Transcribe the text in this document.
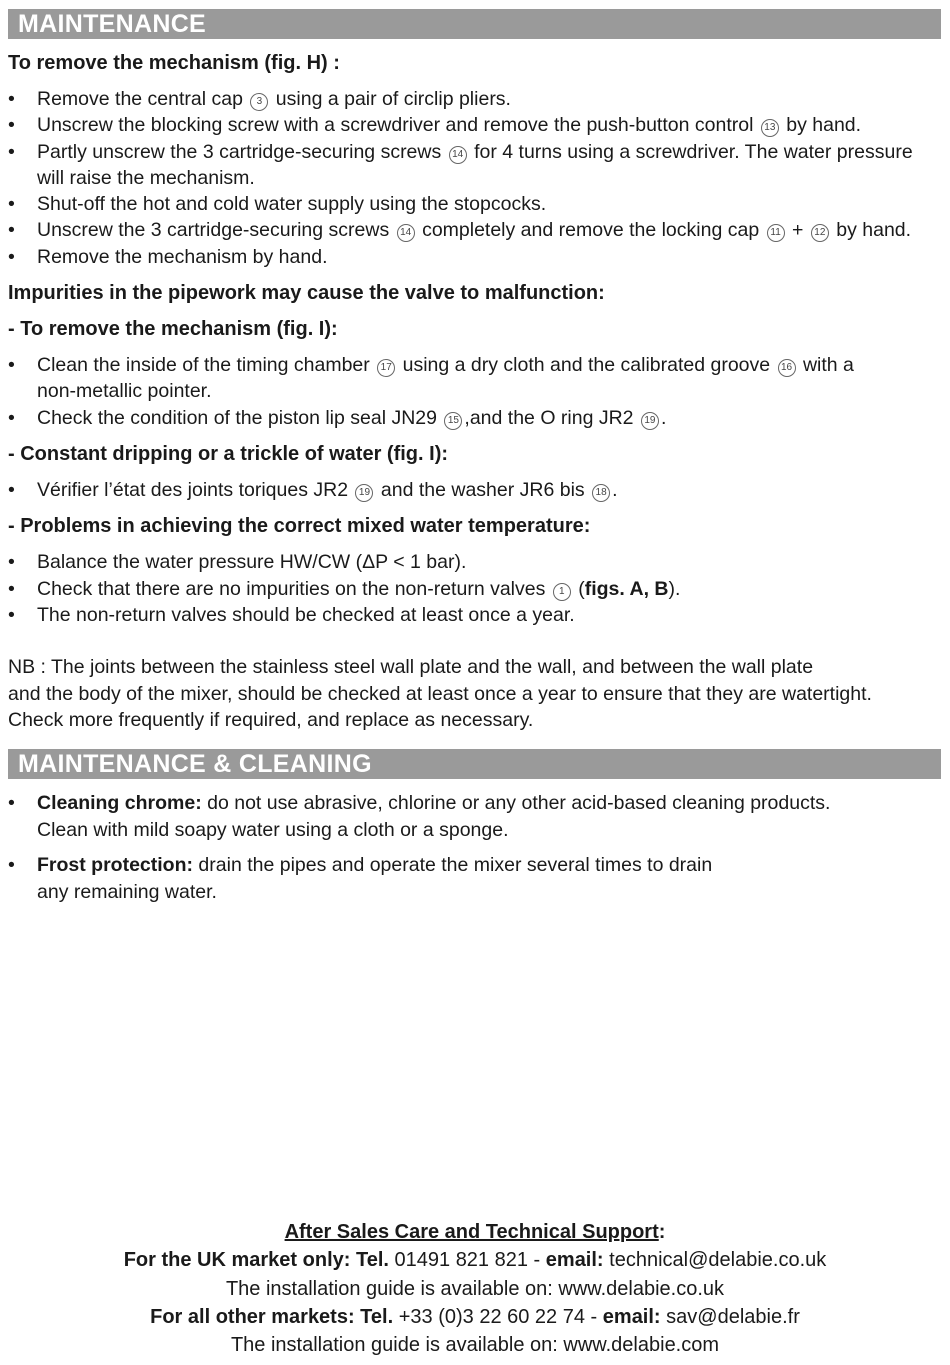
MAINTENANCE

To remove the mechanism (fig. H) :

• Remove the central cap 3 using a pair of circlip pliers.
• Unscrew the blocking screw with a screwdriver and remove the push-button control 13 by hand.
• Partly unscrew the 3 cartridge-securing screws 14 for 4 turns using a screwdriver. The water pressure will raise the mechanism.
• Shut-off the hot and cold water supply using the stopcocks.
• Unscrew the 3 cartridge-securing screws 14 completely and remove the locking cap 11 + 12 by hand.
• Remove the mechanism by hand.

Impurities in the pipework may cause the valve to malfunction:

- To remove the mechanism (fig. I):

• Clean the inside of the timing chamber 17 using a dry cloth and the calibrated groove 16 with a non-metallic pointer.
• Check the condition of the piston lip seal JN29 15 ,and the O ring JR2 19 .

- Constant dripping or a trickle of water (fig. I):

• Vérifier l’état des joints toriques JR2 19 and the washer JR6 bis 18 .

- Problems in achieving the correct mixed water temperature:

• Balance the water pressure HW/CW (ΔP < 1 bar).
• Check that there are no impurities on the non-return valves 1 (figs. A, B).
• The non-return valves should be checked at least once a year.

NB : The joints between the stainless steel wall plate and the wall, and between the wall plate

and the body of the mixer, should be checked at least once a year to ensure that they are watertight.

Check more frequently if required, and replace as necessary.

MAINTENANCE & CLEANING
• Cleaning chrome: do not use abrasive, chlorine or any other acid-based cleaning products.
Clean with mild soapy water using a cloth or a sponge.
• Frost protection: drain the pipes and operate the mixer several times to drain
any remaining water.
After Sales Care and Technical Support:
For the UK market only: Tel. 01491 821 821 - email: technical@delabie.co.uk
The installation guide is available on: www.delabie.co.uk
For all other markets: Tel. +33 (0)3 22 60 22 74 - email: sav@delabie.fr
The installation guide is available on: www.delabie.com
